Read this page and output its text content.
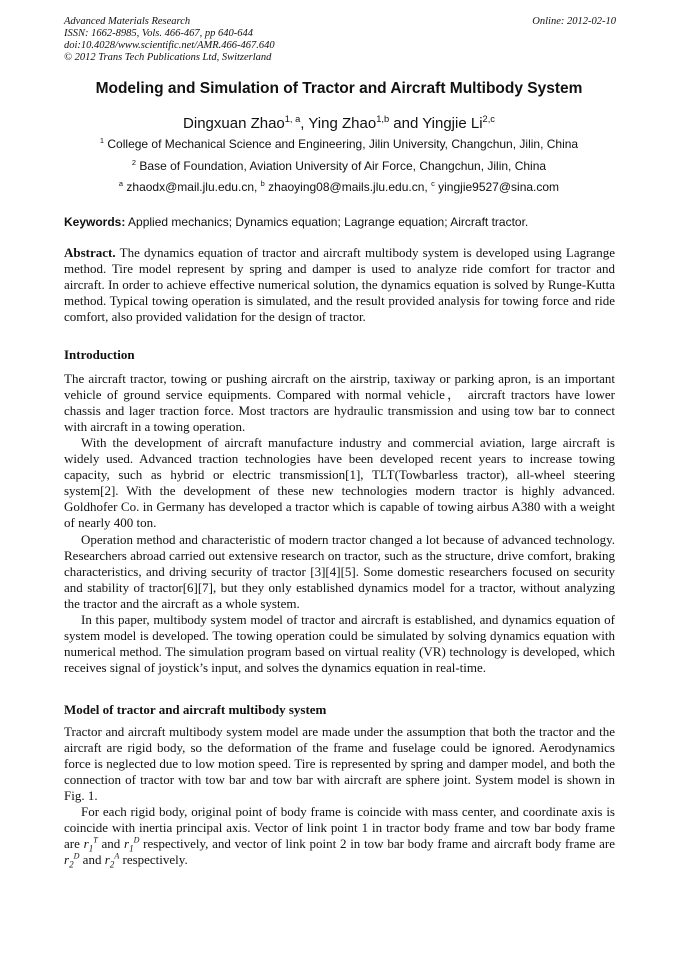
Advanced Materials Research
ISSN: 1662-8985, Vols. 466-467, pp 640-644
doi:10.4028/www.scientific.net/AMR.466-467.640
© 2012 Trans Tech Publications Ltd, Switzerland
Online: 2012-02-10
Modeling and Simulation of Tractor and Aircraft Multibody System
Dingxuan Zhao$^{1, a}$, Ying Zhao$^{1,b}$ and Yingjie Li$^{2,c}$
$^1$ College of Mechanical Science and Engineering, Jilin University, Changchun, Jilin, China
$^2$ Base of Foundation, Aviation University of Air Force, Changchun, Jilin, China
$^a$ zhaodx@mail.jlu.edu.cn, $^b$ zhaoying08@mails.jlu.edu.cn, $^c$ yingjie9527@sina.com
Keywords: Applied mechanics; Dynamics equation; Lagrange equation; Aircraft tractor.

Abstract. The dynamics equation of tractor and aircraft multibody system is developed using Lagrange method. Tire model represent by spring and damper is used to analyze ride comfort for tractor and aircraft. In order to achieve effective numerical solution, the dynamics equation is solved by Runge-Kutta method. Typical towing operation is simulated, and the result provided analysis for towing force and ride comfort, also provided validation for the design of tractor.

Introduction

The aircraft tractor, towing or pushing aircraft on the airstrip, taxiway or parking apron, is an important vehicle of ground service equipments. Compared with normal vehicle， aircraft tractors have lower chassis and lager traction force. Most tractors are hydraulic transmission and using tow bar to connect with aircraft in a towing operation.

With the development of aircraft manufacture industry and commercial aviation, large aircraft is widely used. Advanced traction technologies have been developed recent years to increase towing capacity, such as hybrid or electric transmission[1], TLT(Towbarless tractor), all-wheel steering system[2]. With the development of these new technologies modern tractor is highly advanced. Goldhofer Co. in Germany has developed a tractor which is capable of towing airbus A380 with a weight of nearly 400 ton.

Operation method and characteristic of modern tractor changed a lot because of advanced technology. Researchers abroad carried out extensive research on tractor, such as the structure, drive comfort, braking characteristics, and driving security of tractor [3][4][5]. Some domestic researchers focused on security and stability of tractor[6][7], but they only established dynamics model for a tractor, without analyzing the tractor and the aircraft as a whole system.

In this paper, multibody system model of tractor and aircraft is established, and dynamics equation of system model is developed. The towing operation could be simulated by solving dynamics equation with numerical method. The simulation program based on virtual reality (VR) technology is developed, which receives signal of joystick’s input, and solves the dynamics equation in real-time.

Model of tractor and aircraft multibody system

Tractor and aircraft multibody system model are made under the assumption that both the tractor and the aircraft are rigid body, so the deformation of the frame and fuselage could be ignored. Aerodynamics force is neglected due to low motion speed. Tire is represented by spring and damper model, and both the connection of tractor with tow bar and tow bar with aircraft are sphere joint. System model is shown in Fig. 1.

For each rigid body, original point of body frame is coincide with mass center, and coordinate axis is coincide with inertia principal axis. Vector of link point 1 in tractor body frame and tow bar body frame are $r_1^T$ and $r_1^D$ respectively, and vector of link point 2 in tow bar body frame and aircraft body frame are $r_2^D$ and $r_2^A$ respectively.
